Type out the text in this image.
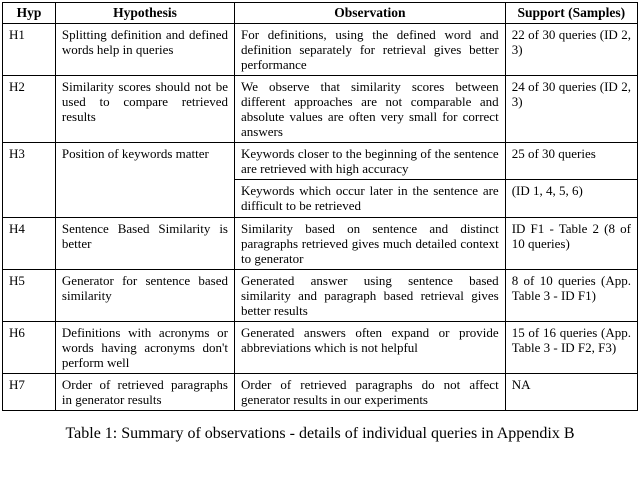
Hyp	Hypothesis	Observation	Support (Samples)
H1	Splitting definition and defined words help in queries	For definitions, using the defined word and definition separately for retrieval gives better performance	22 of 30 queries (ID 2, 3)
H2	Similarity scores should not be used to compare retrieved results	We observe that similarity scores between different approaches are not comparable and absolute values are often very small for correct answers	24 of 30 queries (ID 2, 3)
H3	Position of keywords matter	Keywords closer to the beginning of the sentence are retrieved with high accuracy	25 of 30 queries
		Keywords which occur later in the sentence are difficult to be retrieved	(ID 1, 4, 5, 6)
H4	Sentence Based Similarity is better	Similarity based on sentence and distinct paragraphs retrieved gives much detailed context to generator	ID F1 - Table 2 (8 of 10 queries)
H5	Generator for sentence based similarity	Generated answer using sentence based similarity and paragraph based retrieval gives better results	8 of 10 queries (App. Table 3 - ID F1)
H6	Definitions with acronyms or words having acronyms don't perform well	Generated answers often expand or provide abbreviations which is not helpful	15 of 16 queries (App. Table 3 - ID F2, F3)
H7	Order of retrieved paragraphs in generator results	Order of retrieved paragraphs do not affect generator results in our experiments	NA
Table 1: Summary of observations - details of individual queries in Appendix B
